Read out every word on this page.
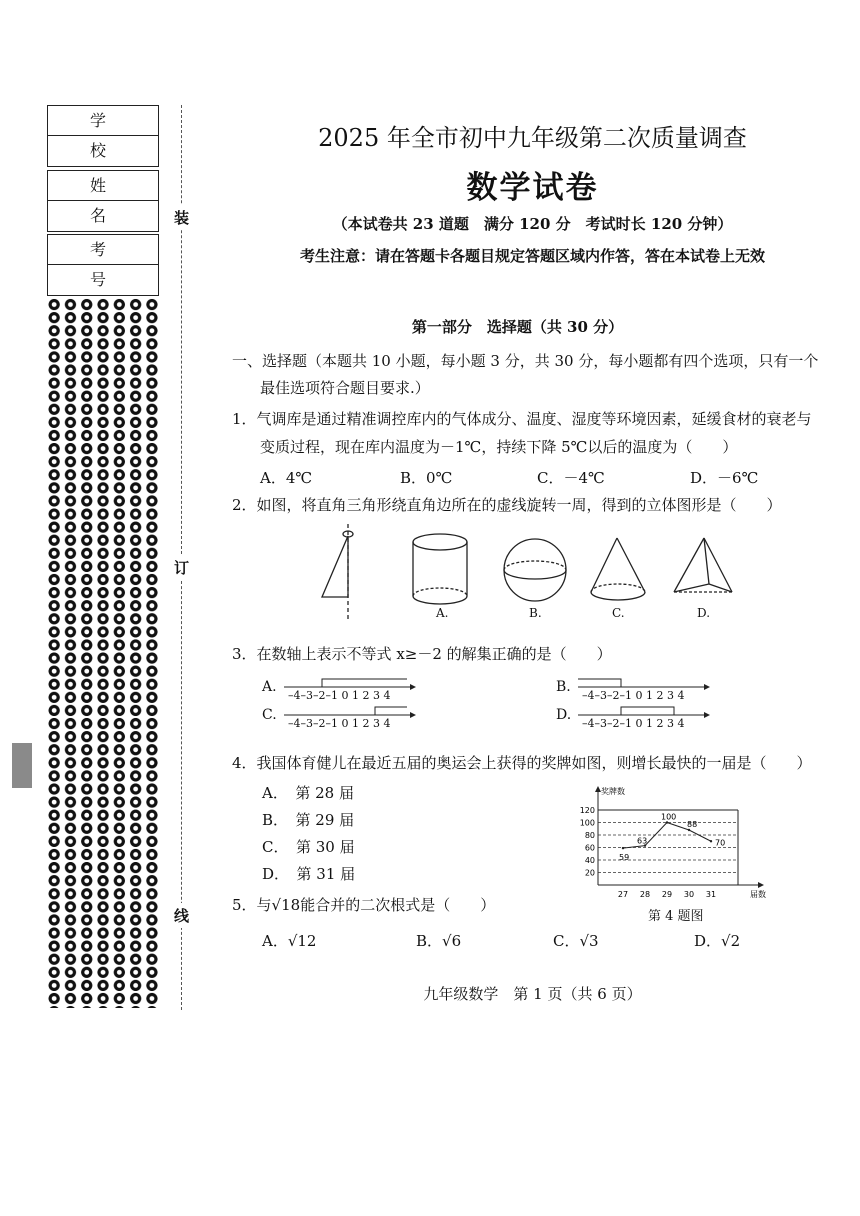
学校
姓名
考号
装
订
线
2025 年全市初中九年级第二次质量调查
数学试卷
（本试卷共 23 道题　满分 120 分　考试时长 120 分钟）
考生注意：请在答题卡各题目规定答题区域内作答，答在本试卷上无效
第一部分　选择题（共 30 分）
一、选择题（本题共 10 小题，每小题 3 分，共 30 分，每小题都有四个选项，只有一个
最佳选项符合题目要求.）
1．气调库是通过精准调控库内的气体成分、温度、湿度等环境因素，延缓食材的衰老与
变质过程，现在库内温度为－1℃，持续下降 5℃以后的温度为（　　）
A．4℃	B．0℃	C．－4℃	D．－6℃
2．如图，将直角三角形绕直角边所在的虚线旋转一周，得到的立体图形是（　　）
A.	B.	C.	D.
3．在数轴上表示不等式 x≥－2 的解集正确的是（　　）
A.	B.
C.	D.
–4–3–2–1 0 1 2 3 4	–4–3–2–1 0 1 2 3 4
–4–3–2–1 0 1 2 3 4	–4–3–2–1 0 1 2 3 4
4．我国体育健儿在最近五届的奥运会上获得的奖牌如图，则增长最快的一届是（　　）
A．　第 28 届
B．　第 29 届
C．　第 30 届
D．　第 31 届
奖牌数
届数
20
40
60
80
100
120
27 28 29 30 31
59
63
100
88
70
第 4 题图
5．与√18能合并的二次根式是（　　）
A．√12	B．√6	C．√3	D．√2
九年级数学　第 1 页（共 6 页）
